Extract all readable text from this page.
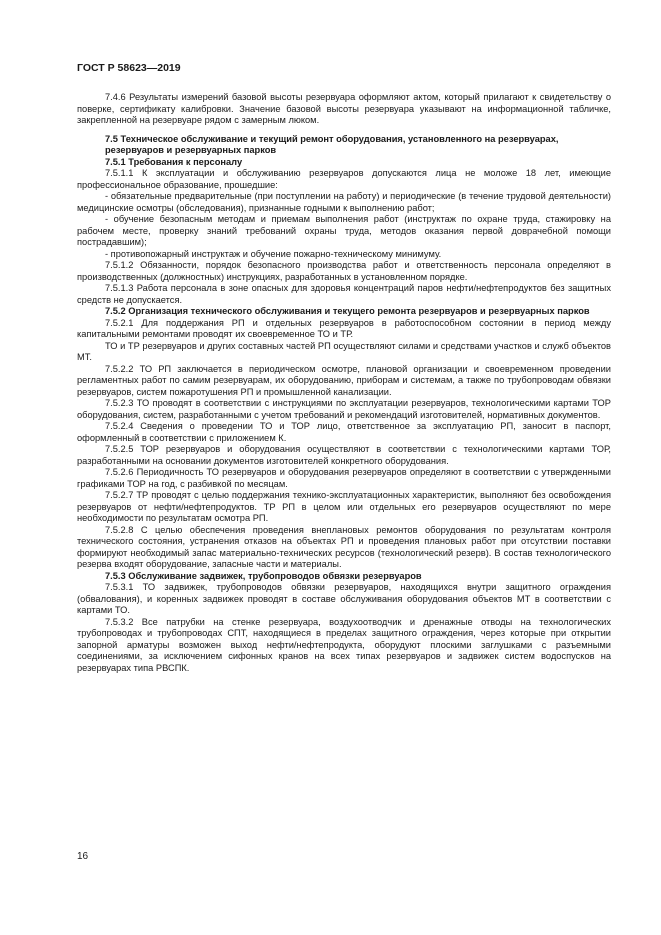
ГОСТ Р 58623—2019

7.4.6 Результаты измерений базовой высоты резервуара оформляют актом, который прилагают к свидетельству о поверке, сертификату калибровки. Значение базовой высоты резервуара указывают на информационной табличке, закрепленной на резервуаре рядом с замерным люком.

7.5 Техническое обслуживание и текущий ремонт оборудования, установленного на резервуарах, резервуаров и резервуарных парков

7.5.1 Требования к персоналу

7.5.1.1 К эксплуатации и обслуживанию резервуаров допускаются лица не моложе 18 лет, имеющие профессиональное образование, прошедшие:

- обязательные предварительные (при поступлении на работу) и периодические (в течение трудовой деятельности) медицинские осмотры (обследования), признанные годными к выполнению работ;

- обучение безопасным методам и приемам выполнения работ (инструктаж по охране труда, стажировку на рабочем месте, проверку знаний требований охраны труда, методов оказания первой доврачебной помощи пострадавшим);

- противопожарный инструктаж и обучение пожарно-техническому минимуму.

7.5.1.2 Обязанности, порядок безопасного производства работ и ответственность персонала определяют в производственных (должностных) инструкциях, разработанных в установленном порядке.

7.5.1.3 Работа персонала в зоне опасных для здоровья концентраций паров нефти/нефтепродуктов без защитных средств не допускается.

7.5.2 Организация технического обслуживания и текущего ремонта резервуаров и резервуарных парков

7.5.2.1 Для поддержания РП и отдельных резервуаров в работоспособном состоянии в период между капитальными ремонтами проводят их своевременное ТО и ТР.

ТО и ТР резервуаров и других составных частей РП осуществляют силами и средствами участков и служб объектов МТ.

7.5.2.2 ТО РП заключается в периодическом осмотре, плановой организации и своевременном проведении регламентных работ по самим резервуарам, их оборудованию, приборам и системам, а также по трубопроводам обвязки резервуаров, систем пожаротушения РП и промышленной канализации.

7.5.2.3 ТО проводят в соответствии с инструкциями по эксплуатации резервуаров, технологическими картами ТОР оборудования, систем, разработанными с учетом требований и рекомендаций изготовителей, нормативных документов.

7.5.2.4 Сведения о проведении ТО и ТОР лицо, ответственное за эксплуатацию РП, заносит в паспорт, оформленный в соответствии с приложением К.

7.5.2.5 ТОР резервуаров и оборудования осуществляют в соответствии с технологическими картами ТОР, разработанными на основании документов изготовителей конкретного оборудования.

7.5.2.6 Периодичность ТО резервуаров и оборудования резервуаров определяют в соответствии с утвержденными графиками ТОР на год, с разбивкой по месяцам.

7.5.2.7 ТР проводят с целью поддержания технико-эксплуатационных характеристик, выполняют без освобождения резервуаров от нефти/нефтепродуктов. ТР РП в целом или отдельных его резервуаров осуществляют по мере необходимости по результатам осмотра РП.

7.5.2.8 С целью обеспечения проведения внеплановых ремонтов оборудования по результатам контроля технического состояния, устранения отказов на объектах РП и проведения плановых работ при отсутствии поставки формируют необходимый запас материально-технических ресурсов (технологический резерв). В состав технологического резерва входят оборудование, запасные части и материалы.

7.5.3 Обслуживание задвижек, трубопроводов обвязки резервуаров

7.5.3.1 ТО задвижек, трубопроводов обвязки резервуаров, находящихся внутри защитного ограждения (обвалования), и коренных задвижек проводят в составе обслуживания оборудования объектов МТ в соответствии с картами ТО.

7.5.3.2 Все патрубки на стенке резервуара, воздухоотводчик и дренажные отводы на технологических трубопроводах и трубопроводах СПТ, находящиеся в пределах защитного ограждения, через которые при открытии запорной арматуры возможен выход нефти/нефтепродукта, оборудуют плоскими заглушками с разъемными соединениями, за исключением сифонных кранов на всех типах резервуаров и задвижек систем водоспусков на резервуарах типа РВСПК.

16
